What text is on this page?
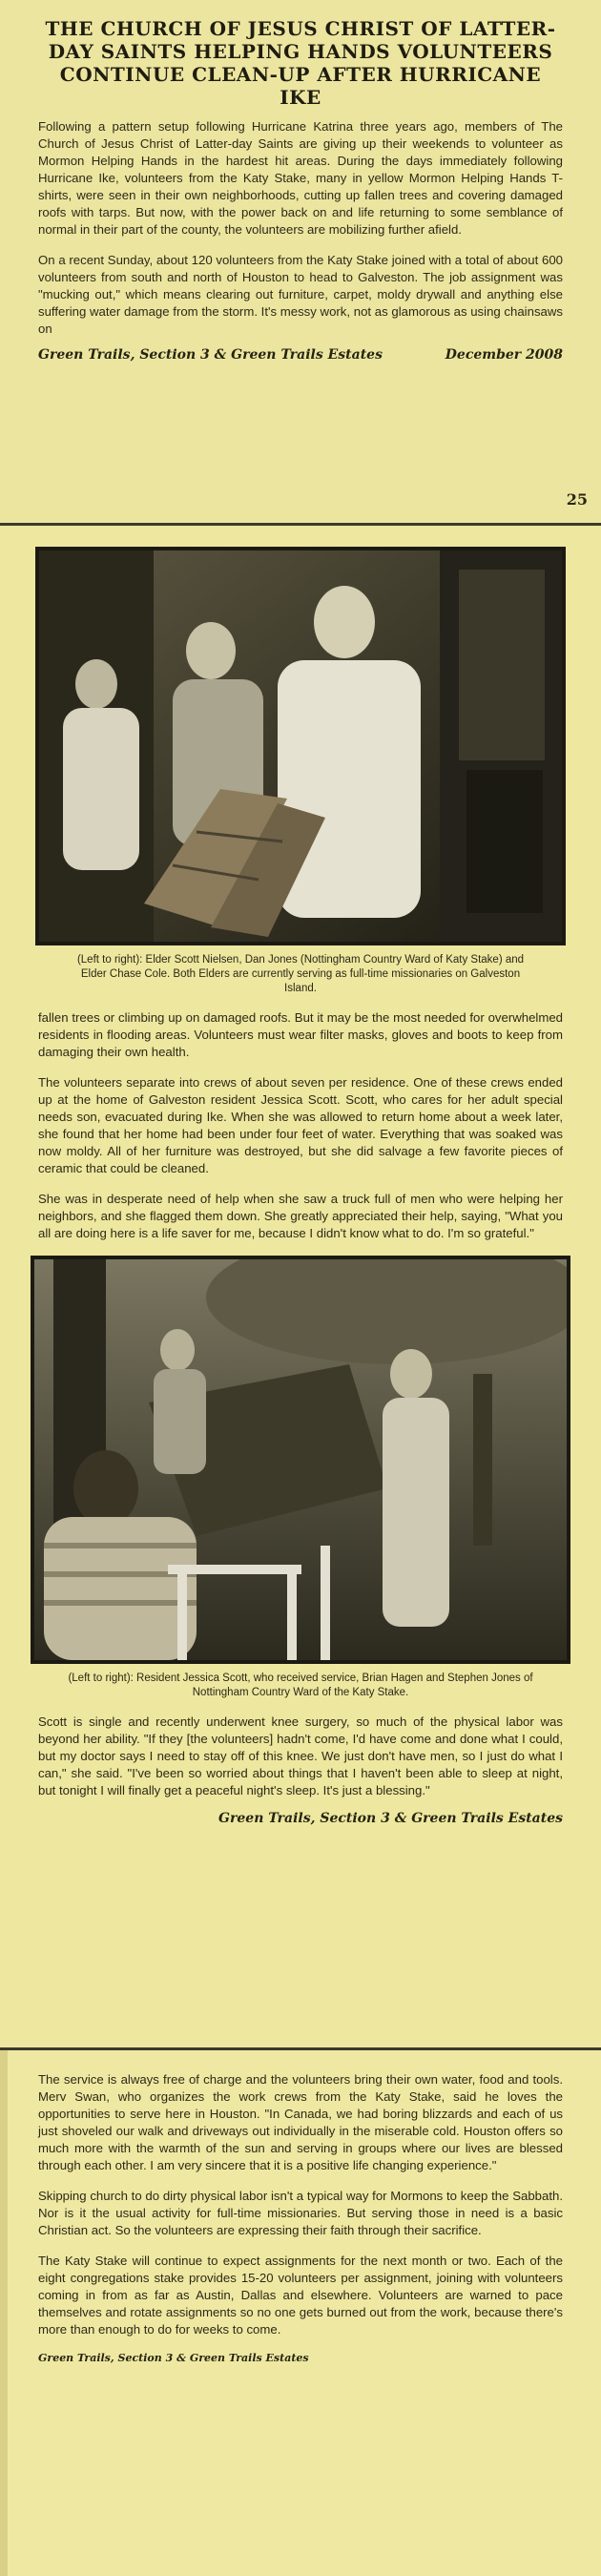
THE CHURCH OF JESUS CHRIST OF LATTER-DAY SAINTS HELPING HANDS VOLUNTEERS CONTINUE CLEAN-UP AFTER HURRICANE IKE

Following a pattern setup following Hurricane Katrina three years ago, members of The Church of Jesus Christ of Latter-day Saints are giving up their weekends to volunteer as Mormon Helping Hands in the hardest hit areas. During the days immediately following Hurricane Ike, volunteers from the Katy Stake, many in yellow Mormon Helping Hands T-shirts, were seen in their own neighborhoods, cutting up fallen trees and covering damaged roofs with tarps. But now, with the power back on and life returning to some semblance of normal in their part of the county, the volunteers are mobilizing further afield.

On a recent Sunday, about 120 volunteers from the Katy Stake joined with a total of about 600 volunteers from south and north of Houston to head to Galveston. The job assignment was "mucking out," which means clearing out furniture, carpet, moldy drywall and anything else suffering water damage from the storm. It's messy work, not as glamorous as using chainsaws on

Green Trails, Section 3 & Green Trails Estates	December 2008
25
(Left to right): Elder Scott Nielsen, Dan Jones (Nottingham Country Ward of Katy Stake) and Elder Chase Cole. Both Elders are currently serving as full-time missionaries on Galveston Island.

fallen trees or climbing up on damaged roofs. But it may be the most needed for overwhelmed residents in flooding areas. Volunteers must wear filter masks, gloves and boots to keep from damaging their own health.

The volunteers separate into crews of about seven per residence. One of these crews ended up at the home of Galveston resident Jessica Scott. Scott, who cares for her adult special needs son, evacuated during Ike. When she was allowed to return home about a week later, she found that her home had been under four feet of water. Everything that was soaked was now moldy. All of her furniture was destroyed, but she did salvage a few favorite pieces of ceramic that could be cleaned.

She was in desperate need of help when she saw a truck full of men who were helping her neighbors, and she flagged them down. She greatly appreciated their help, saying, "What you all are doing here is a life saver for me, because I didn't know what to do. I'm so grateful."

(Left to right): Resident Jessica Scott, who received service, Brian Hagen and Stephen Jones of Nottingham Country Ward of the Katy Stake.

Scott is single and recently underwent knee surgery, so much of the physical labor was beyond her ability. "If they [the volunteers] hadn't come, I'd have come and done what I could, but my doctor says I need to stay off of this knee. We just don't have men, so I just do what I can," she said. "I've been so worried about things that I haven't been able to sleep at night, but tonight I will finally get a peaceful night's sleep. It's just a blessing."

Green Trails, Section 3 & Green Trails Estates

The service is always free of charge and the volunteers bring their own water, food and tools. Merv Swan, who organizes the work crews from the Katy Stake, said he loves the opportunities to serve here in Houston. "In Canada, we had boring blizzards and each of us just shoveled our walk and driveways out individually in the miserable cold. Houston offers so much more with the warmth of the sun and serving in groups where our lives are blessed through each other. I am very sincere that it is a positive life changing experience."

Skipping church to do dirty physical labor isn't a typical way for Mormons to keep the Sabbath. Nor is it the usual activity for full-time missionaries. But serving those in need is a basic Christian act. So the volunteers are expressing their faith through their sacrifice.

The Katy Stake will continue to expect assignments for the next month or two. Each of the eight congregations stake provides 15-20 volunteers per assignment, joining with volunteers coming in from as far as Austin, Dallas and elsewhere. Volunteers are warned to pace themselves and rotate assignments so no one gets burned out from the work, because there's more than enough to do for weeks to come.

Green Trails, Section 3 & Green Trails Estates
